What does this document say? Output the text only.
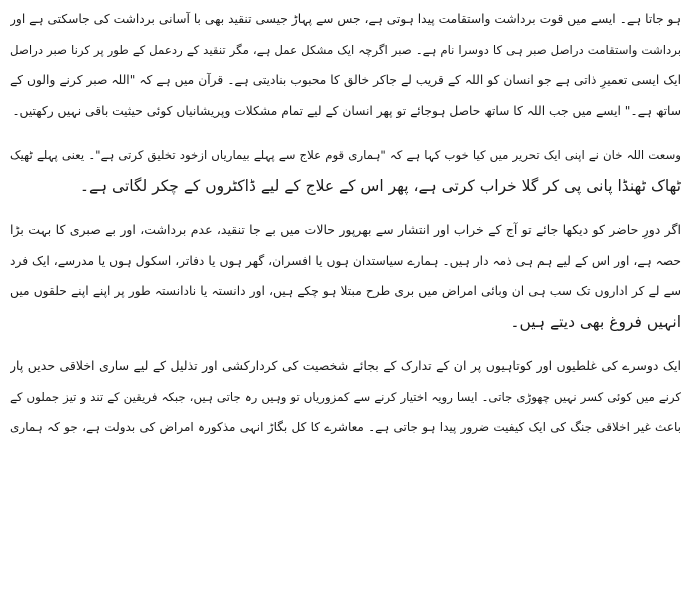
ہو جاتا ہے۔ ایسے میں قوت برداشت واستقامت پیدا ہوتی ہے، جس سے پہاڑ جیسی تنقید بھی با آسانی برداشت کی جاسکتی ہے اور
برداشت واستقامت دراصل صبر ہی کا دوسرا نام ہے۔ صبر اگرچہ ایک مشکل عمل ہے، مگر تنقید کے ردعمل کے طور پر کرنا صبر دراصل
ایک ایسی تعمیرِ ذاتی ہے جو انسان کو اللہ کے قریب لے جاکر خالق کا محبوب بنادیتی ہے۔ قرآن میں ہے کہ "اللہ صبر کرنے والوں کے
ساتھ ہے۔" ایسے میں جب اللہ کا ساتھ حاصل ہوجائے تو پھر انسان کے لیے تمام مشکلات وپریشانیاں کوئی حیثیت باقی نہیں رکھتیں۔
وسعت اللہ خان نے اپنی ایک تحریر میں کیا خوب کہا ہے کہ "ہماری قوم علاج سے پہلے بیماریاں ازخود تخلیق کرتی ہے"۔ یعنی پہلے ٹھیک
ٹھاک ٹھنڈا پانی پی کر گلا خراب کرتی ہے، پھر اس کے علاج کے لیے ڈاکٹروں کے چکر لگاتی ہے۔
اگر دورِ حاضر کو دیکھا جائے تو آج کے خراب اور انتشار سے بھرپور حالات میں بے جا تنقید، عدم برداشت، اور بے صبری کا بہت بڑا
حصہ ہے، اور اس کے لیے ہم ہی ذمہ دار ہیں۔ ہمارے سیاستدان ہوں یا افسران، گھر ہوں یا دفاتر، اسکول ہوں یا مدرسے، ایک فرد
سے لے کر اداروں تک سب ہی ان وبائی امراض میں بری طرح مبتلا ہو چکے ہیں، اور دانستہ یا نادانستہ طور پر اپنے اپنے حلقوں میں
انہیں فروغ بھی دیتے ہیں۔
ایک دوسرے کی غلطیوں اور کوتاہیوں پر ان کے تدارک کے بجائے شخصیت کی کردارکشی اور تذلیل کے لیے ساری اخلاقی حدیں پار
کرنے میں کوئی کسر نہیں چھوڑی جاتی۔ ایسا رویہ اختیار کرنے سے کمزوریاں تو وہیں رہ جاتی ہیں، جبکہ فریقین کے تند و تیز جملوں کے
باعث غیر اخلاقی جنگ کی ایک کیفیت ضرور پیدا ہو جاتی ہے۔ معاشرے کا کل بگاڑ انہی مذکورہ امراض کی بدولت ہے، جو کہ ہماری
